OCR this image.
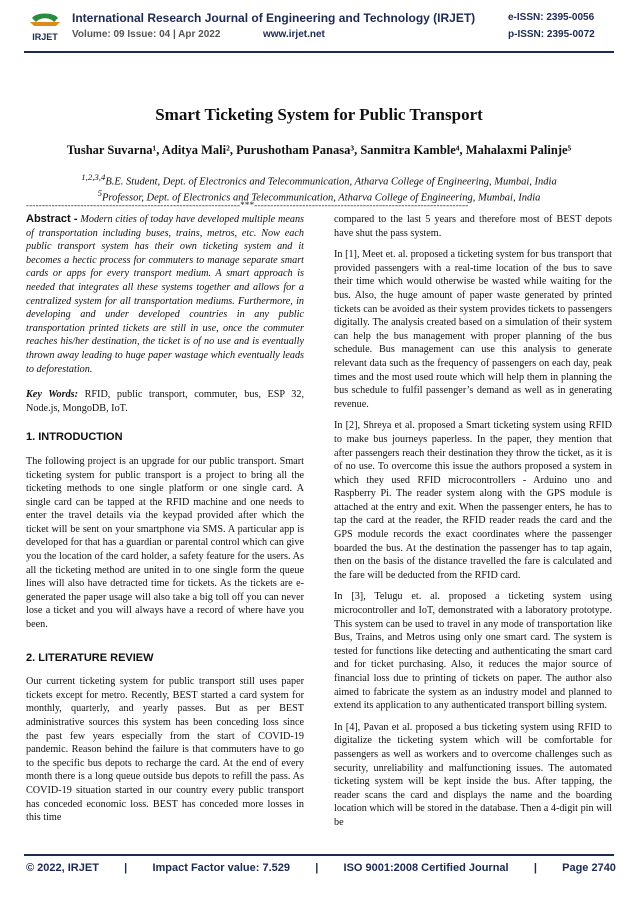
IRJET
International Research Journal of Engineering and Technology (IRJET)
Volume: 09 Issue: 04 | Apr 2022	www.irjet.net
e-ISSN: 2395-0056
p-ISSN: 2395-0072
Smart Ticketing System for Public Transport
Tushar Suvarna¹, Aditya Mali², Purushotham Panasa³, Sanmitra Kamble⁴, Mahalaxmi Palinje⁵
$^{1,2,3,4}$B.E. Student, Dept. of Electronics and Telecommunication, Atharva College of Engineering, Mumbai, India
$^5$Professor, Dept. of Electronics and Telecommunication, Atharva College of Engineering, Mumbai, India
-------------------------------------------------------------------***-------------------------------------------------------------------

Abstract - Modern cities of today have developed multiple means of transportation including buses, trains, metros, etc. Now each public transport system has their own ticketing system and it becomes a hectic process for commuters to manage separate smart cards or apps for every transport medium. A smart approach is needed that integrates all these systems together and allows for a centralized system for all transportation mediums. Furthermore, in developing and under developed countries in any public transportation printed tickets are still in use, once the commuter reaches his/her destination, the ticket is of no use and is eventually thrown away leading to huge paper wastage which eventually leads to deforestation.

Key Words: RFID, public transport, commuter, bus, ESP 32, Node.js, MongoDB, IoT.

1. INTRODUCTION

The following project is an upgrade for our public transport. Smart ticketing system for public transport is a project to bring all the ticketing methods to one single platform or one single card. A single card can be tapped at the RFID machine and one needs to enter the travel details via the keypad provided after which the ticket will be sent on your smartphone via SMS. A particular app is developed for that has a guardian or parental control which can give you the location of the card holder, a safety feature for the users. As all the ticketing method are united in to one single form the queue lines will also have detracted time for tickets. As the tickets are e-generated the paper usage will also take a big toll off you can never lose a ticket and you will always have a record of where have you been.

2. LITERATURE REVIEW

Our current ticketing system for public transport still uses paper tickets except for metro. Recently, BEST started a card system for monthly, quarterly, and yearly passes. But as per BEST administrative sources this system has been conceding loss since the past few years especially from the start of COVID-19 pandemic. Reason behind the failure is that commuters have to go to the specific bus depots to recharge the card. At the end of every month there is a long queue outside bus depots to refill the pass. As COVID-19 situation started in our country every public transport has conceded economic loss. BEST has conceded more losses in this time

compared to the last 5 years and therefore most of BEST depots have shut the pass system.

In [1], Meet et. al. proposed a ticketing system for bus transport that provided passengers with a real-time location of the bus to save their time which would otherwise be wasted while waiting for the bus. Also, the huge amount of paper waste generated by printed tickets can be avoided as their system provides tickets to passengers digitally. The analysis created based on a simulation of their system can help the bus management with proper planning of the bus schedule. Bus management can use this analysis to generate relevant data such as the frequency of passengers on each day, peak times and the most used route which will help them in planning the bus schedule to fulfil passenger’s demand as well as in generating revenue.

In [2], Shreya et al. proposed a Smart ticketing system using RFID to make bus journeys paperless. In the paper, they mention that after passengers reach their destination they throw the ticket, as it is of no use. To overcome this issue the authors proposed a system in which they used RFID microcontrollers - Arduino uno and Raspberry Pi. The reader system along with the GPS module is attached at the entry and exit. When the passenger enters, he has to tap the card at the reader, the RFID reader reads the card and the GPS module records the exact coordinates where the passenger boarded the bus. At the destination the passenger has to tap again, then on the basis of the distance travelled the fare is calculated and the fare will be deducted from the RFID card.

In [3], Telugu et. al. proposed a ticketing system using microcontroller and IoT, demonstrated with a laboratory prototype. This system can be used to travel in any mode of transportation like Bus, Trains, and Metros using only one smart card. The system is tested for functions like detecting and authenticating the smart card and for ticket purchasing. Also, it reduces the major source of financial loss due to printing of tickets on paper. The author also aimed to fabricate the system as an industry model and planned to extend its application to any authenticated transport billing system.

In [4], Pavan et al. proposed a bus ticketing system using RFID to digitalize the ticketing system which will be comfortable for passengers as well as workers and to overcome challenges such as security, unreliability and malfunctioning issues. The automated ticketing system will be kept inside the bus. After tapping, the reader scans the card and displays the name and the boarding location which will be stored in the database. Then a 4-digit pin will be

© 2022, IRJET | Impact Factor value: 7.529 | ISO 9001:2008 Certified Journal | Page 2740
